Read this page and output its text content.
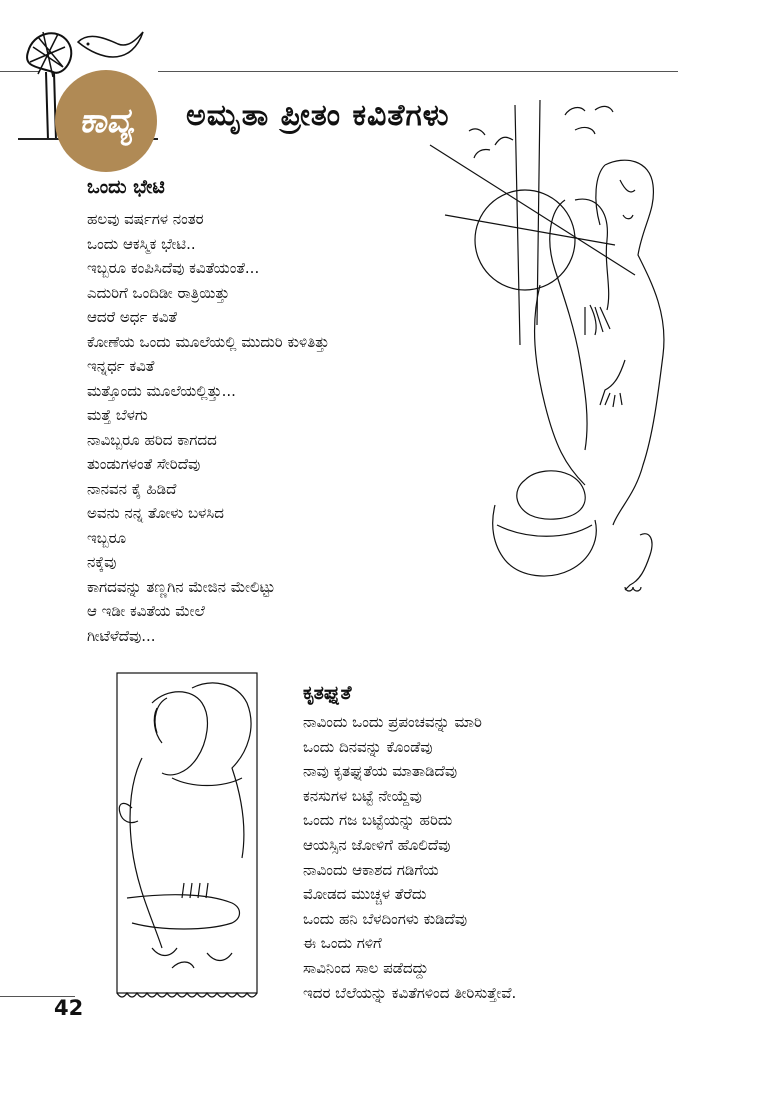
ಕಾವ್ಯ ಅಮೃತಾ ಪ್ರೀತಂ ಕವಿತೆಗಳು
ಒಂದು ಭೇಟಿ
ಹಲವು ವರ್ಷಗಳ ನಂತರ
ಒಂದು ಆಕಸ್ಮಿಕ ಭೇಟಿ..
ಇಬ್ಬರೂ ಕಂಪಿಸಿದೆವು ಕವಿತೆಯಂತೆ...
ಎದುರಿಗೆ ಒಂದಿಡೀ ರಾತ್ರಿಯಿತ್ತು
ಆದರೆ ಅರ್ಧ ಕವಿತೆ
ಕೋಣೆಯ ಒಂದು ಮೂಲೆಯಲ್ಲಿ ಮುದುರಿ ಕುಳಿತಿತ್ತು
ಇನ್ನರ್ಧ ಕವಿತೆ
ಮತ್ತೊಂದು ಮೂಲೆಯಲ್ಲಿತ್ತು...
ಮತ್ತೆ ಬೆಳಗು
ನಾವಿಬ್ಬರೂ ಹರಿದ ಕಾಗದದ
ತುಂಡುಗಳಂತೆ ಸೇರಿದೆವು
ನಾನವನ ಕೈ ಹಿಡಿದೆ
ಅವನು ನನ್ನ ತೋಳು ಬಳಸಿದ
ಇಬ್ಬರೂ
ನಕ್ಕೆವು
ಕಾಗದವನ್ನು ತಣ್ಣಗಿನ ಮೇಜಿನ ಮೇಲಿಟ್ಟು
ಆ ಇಡೀ ಕವಿತೆಯ ಮೇಲೆ
ಗೀಟೆಳೆದೆವು...
ಕೃತಘ್ನತೆ
ನಾವಿಂದು ಒಂದು ಪ್ರಪಂಚವನ್ನು ಮಾರಿ
ಒಂದು ದಿನವನ್ನು ಕೊಂಡೆವು
ನಾವು ಕೃತಘ್ನತೆಯ ಮಾತಾಡಿದೆವು
ಕನಸುಗಳ ಬಟ್ಟೆ ನೇಯ್ದೆವು
ಒಂದು ಗಜ ಬಟ್ಟೆಯನ್ನು ಹರಿದು
ಆಯಸ್ಸಿನ ಜೋಳಿಗೆ ಹೊಲಿದೆವು
ನಾವಿಂದು ಆಕಾಶದ ಗಡಿಗೆಯ
ಮೋಡದ ಮುಚ್ಚಳ ತೆರೆದು
ಒಂದು ಹನಿ ಬೆಳದಿಂಗಳು ಕುಡಿದೆವು
ಈ ಒಂದು ಗಳಿಗೆ
ಸಾವಿನಿಂದ ಸಾಲ ಪಡೆದದ್ದು
ಇದರ ಬೆಲೆಯನ್ನು ಕವಿತೆಗಳಿಂದ ತೀರಿಸುತ್ತೇವೆ.
42
